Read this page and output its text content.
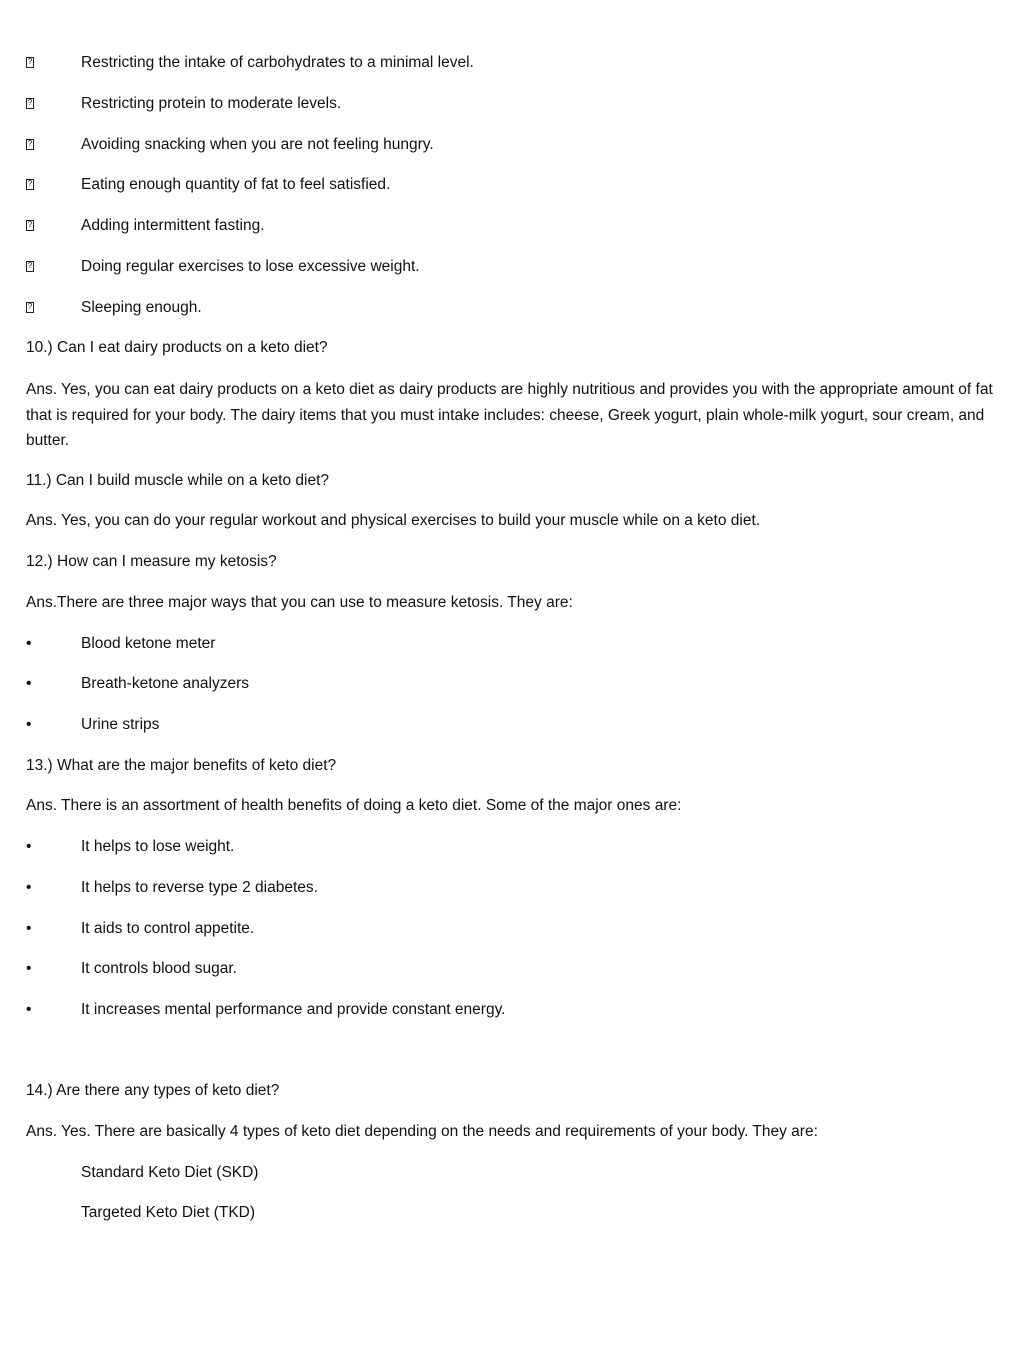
?
Restricting the intake of carbohydrates to a minimal level.
?
Restricting protein to moderate levels.
?
Avoiding snacking when you are not feeling hungry.
?
Eating enough quantity of fat to feel satisfied.
?
Adding intermittent fasting.
?
Doing regular exercises to lose excessive weight.
?
Sleeping enough.
10.) Can I eat dairy products on a keto diet?
Ans. Yes, you can eat dairy products on a keto diet as dairy products are highly nutritious and provides you with the appropriate amount of fat that is required for your body. The dairy items that you must intake includes: cheese, Greek yogurt, plain whole-milk yogurt, sour cream, and butter.
11.) Can I build muscle while on a keto diet?
Ans. Yes, you can do your regular workout and physical exercises to build your muscle while on a keto diet.
12.) How can I measure my ketosis?
Ans.There are three major ways that you can use to measure ketosis. They are:
•	Blood ketone meter
•	Breath-ketone analyzers
•	Urine strips
13.) What are the major benefits of keto diet?
Ans. There is an assortment of health benefits of doing a keto diet. Some of the major ones are:
•	It helps to lose weight.
•	It helps to reverse type 2 diabetes.
•	It aids to control appetite.
•	It controls blood sugar.
•	It increases mental performance and provide constant energy.
14.) Are there any types of keto diet?
Ans. Yes. There are basically 4 types of keto diet depending on the needs and requirements of your body. They are:
Standard Keto Diet (SKD)
Targeted Keto Diet (TKD)
